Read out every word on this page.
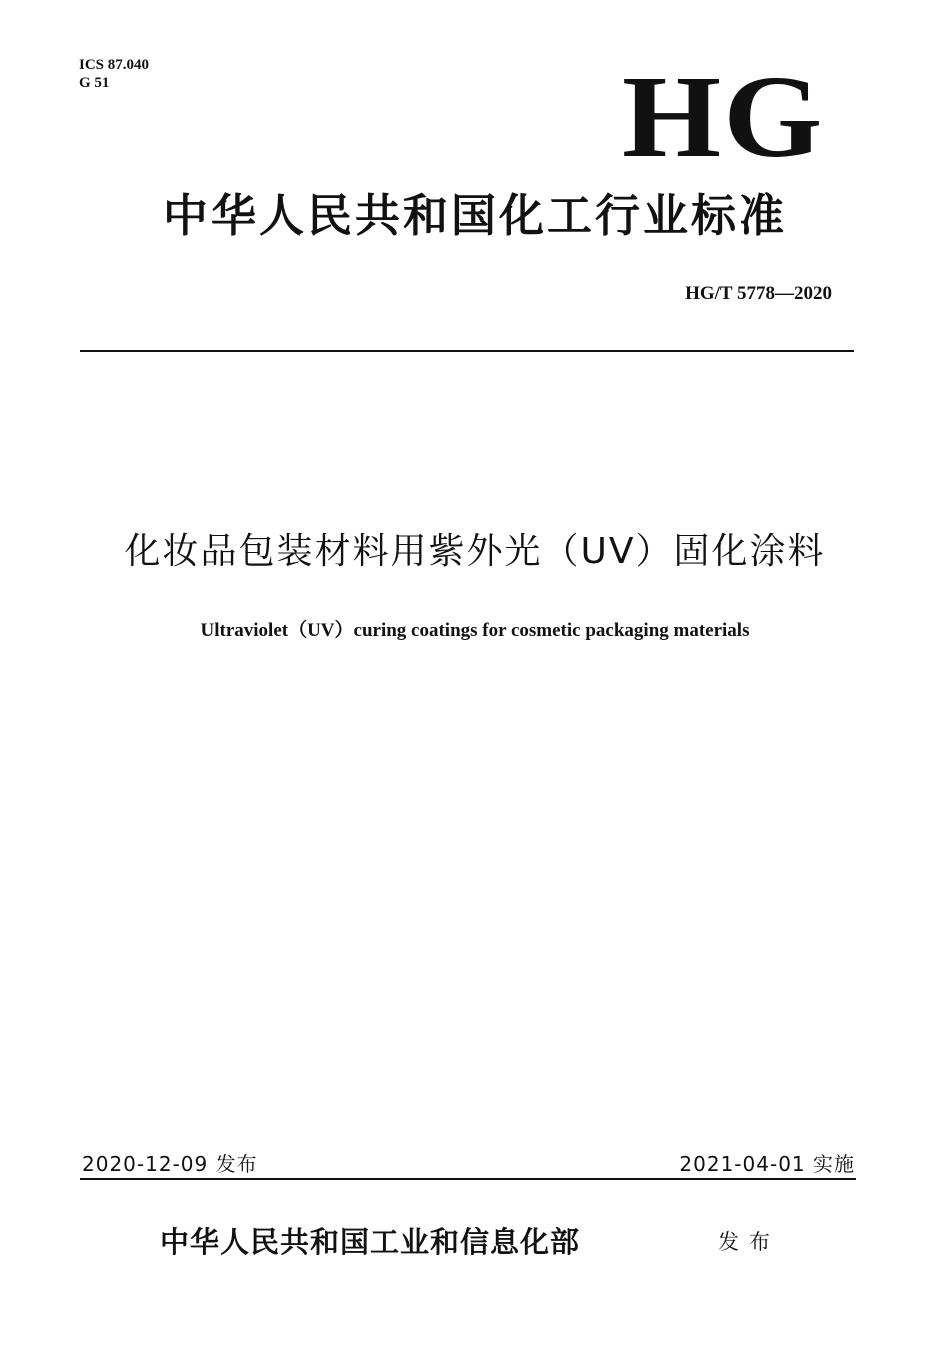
ICS 87.040
G 51	HG
中华人民共和国化工行业标准
HG/T 5778—2020
化妆品包装材料用紫外光（UV）固化涂料
Ultraviolet（UV）curing coatings for cosmetic packaging materials
2020-12-09 发布	2021-04-01 实施
中华人民共和国工业和信息化部	发布
